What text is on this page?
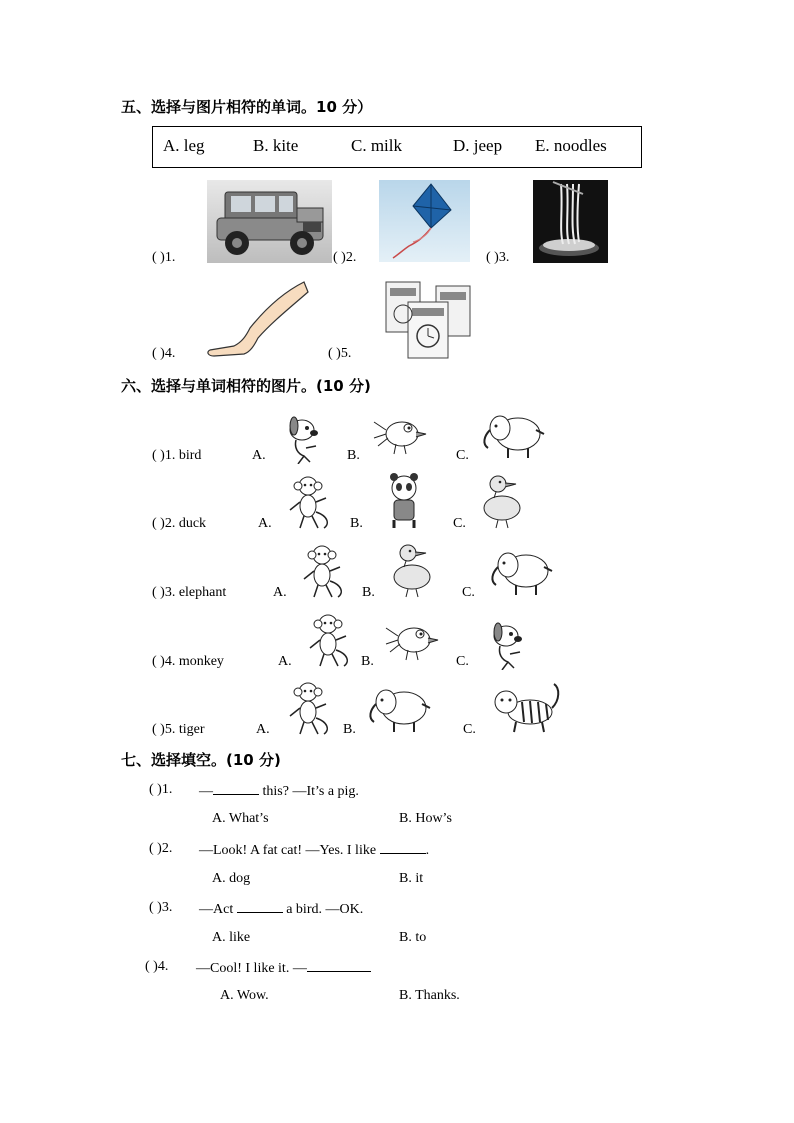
五、选择与图片相符的单词。10 分）
A. leg	B. kite	C. milk	D. jeep E. noodles
( )1.	( )2.	( )3.
( )4.	( )5.
六、选择与单词相符的图片。(10 分)
( )1. bird	A.	B.	C.
( )2. duck	A.	B.	C.
( )3. elephant	A.	B.	C.
( )4. monkey	A.	B.	C.
( )5. tiger	A.	B.	C.
七、选择填空。(10 分)
( )1. —	this? —It’s a pig.
A. What’s	B. How’s
( )2. —Look! A fat cat! —Yes. I like	.
A. dog	B. it
( )3. —Act	a bird. —OK.
A. like	B. to
( )4. —Cool! I like it. —
A. Wow.	B. Thanks.
